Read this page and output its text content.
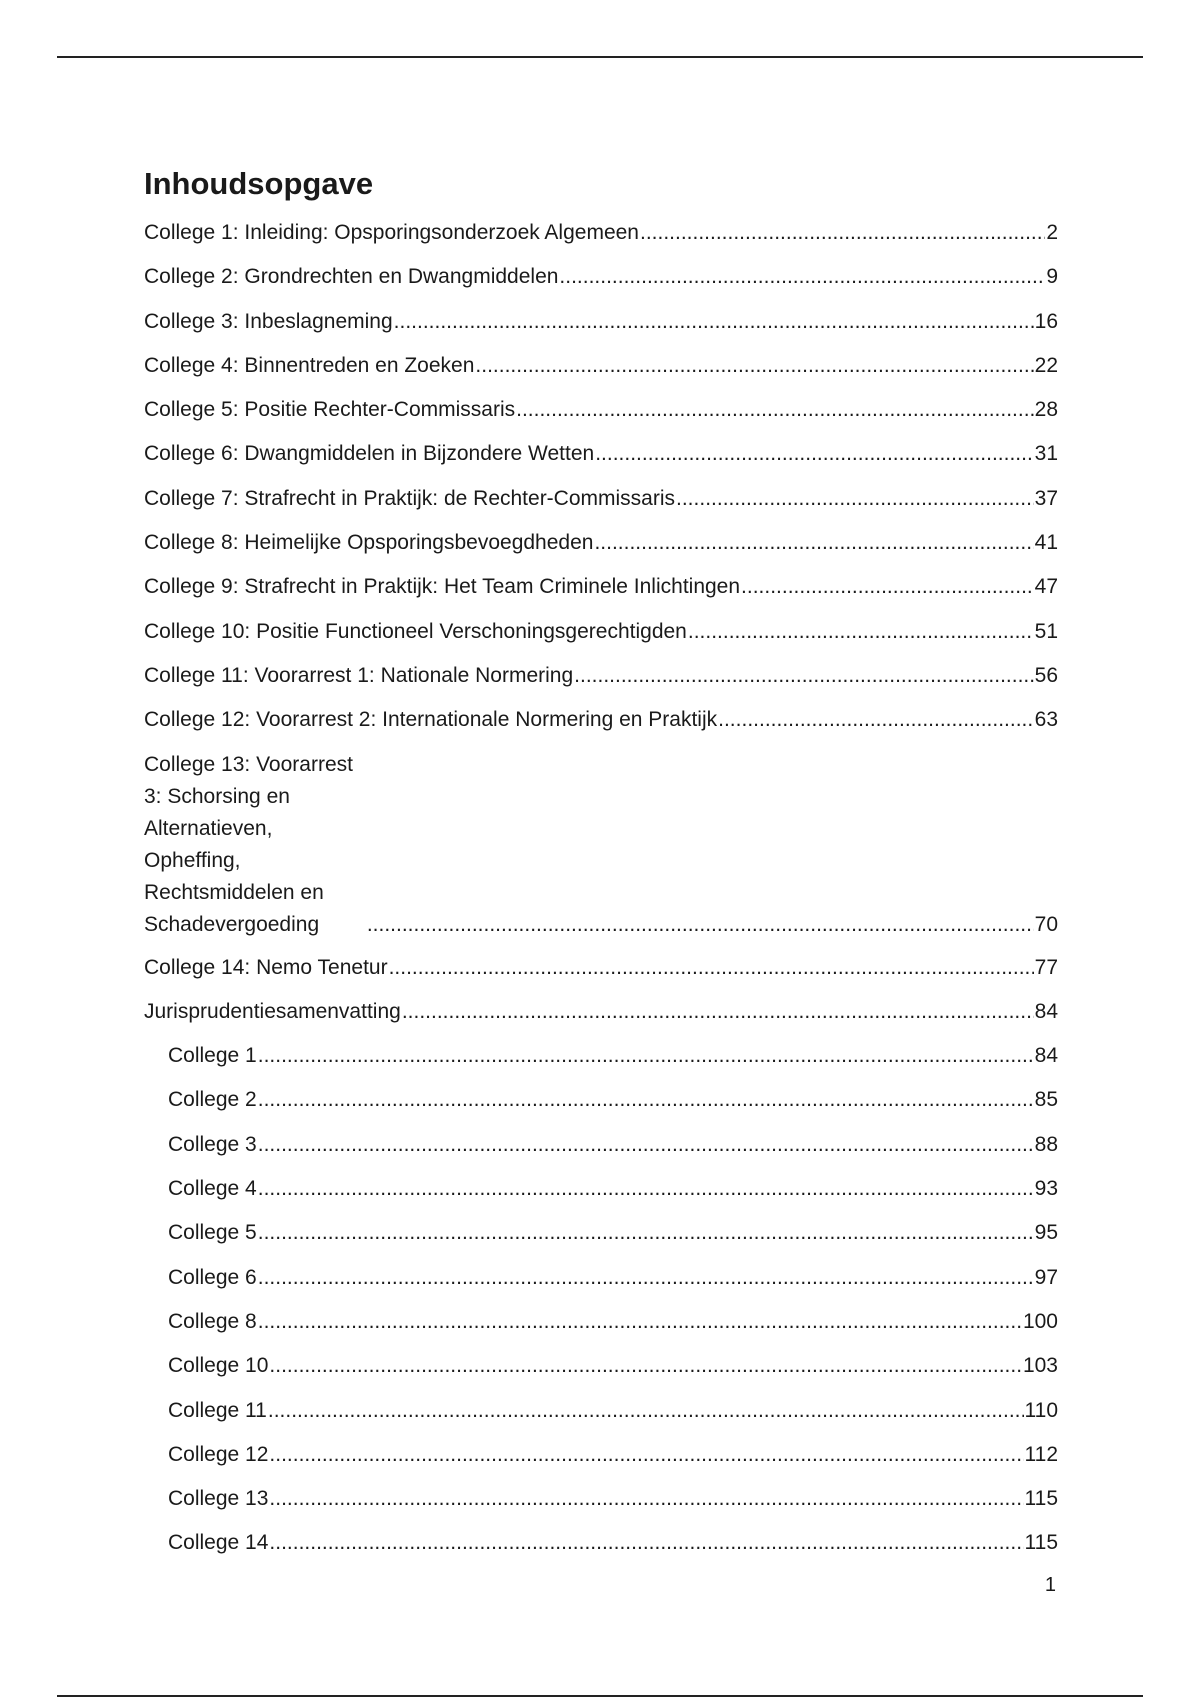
Inhoudsopgave
College 1: Inleiding: Opsporingsonderzoek Algemeen .....	2
College 2: Grondrechten en Dwangmiddelen .....	9
College 3: Inbeslagneming .....	16
College 4: Binnentreden en Zoeken .....	22
College 5: Positie Rechter-Commissaris .....	28
College 6: Dwangmiddelen in Bijzondere Wetten .....	31
College 7: Strafrecht in Praktijk: de Rechter-Commissaris .....	37
College 8: Heimelijke Opsporingsbevoegdheden .....	41
College 9: Strafrecht in Praktijk: Het Team Criminele Inlichtingen .....	47
College 10: Positie Functioneel Verschoningsgerechtigden .....	51
College 11: Voorarrest 1: Nationale Normering .....	56
College 12: Voorarrest 2: Internationale Normering en Praktijk .....	63
College 13: Voorarrest 3: Schorsing en Alternatieven, Opheffing, Rechtsmiddelen en Schadevergoeding .....	70
College 14: Nemo Tenetur .....	77
Jurisprudentiesamenvatting .....	84
College 1 .....	84
College 2 .....	85
College 3 .....	88
College 4 .....	93
College 5 .....	95
College 6 .....	97
College 8 .....	100
College 10 .....	103
College 11 .....	110
College 12 .....	112
College 13 .....	115
College 14 .....	115
1
